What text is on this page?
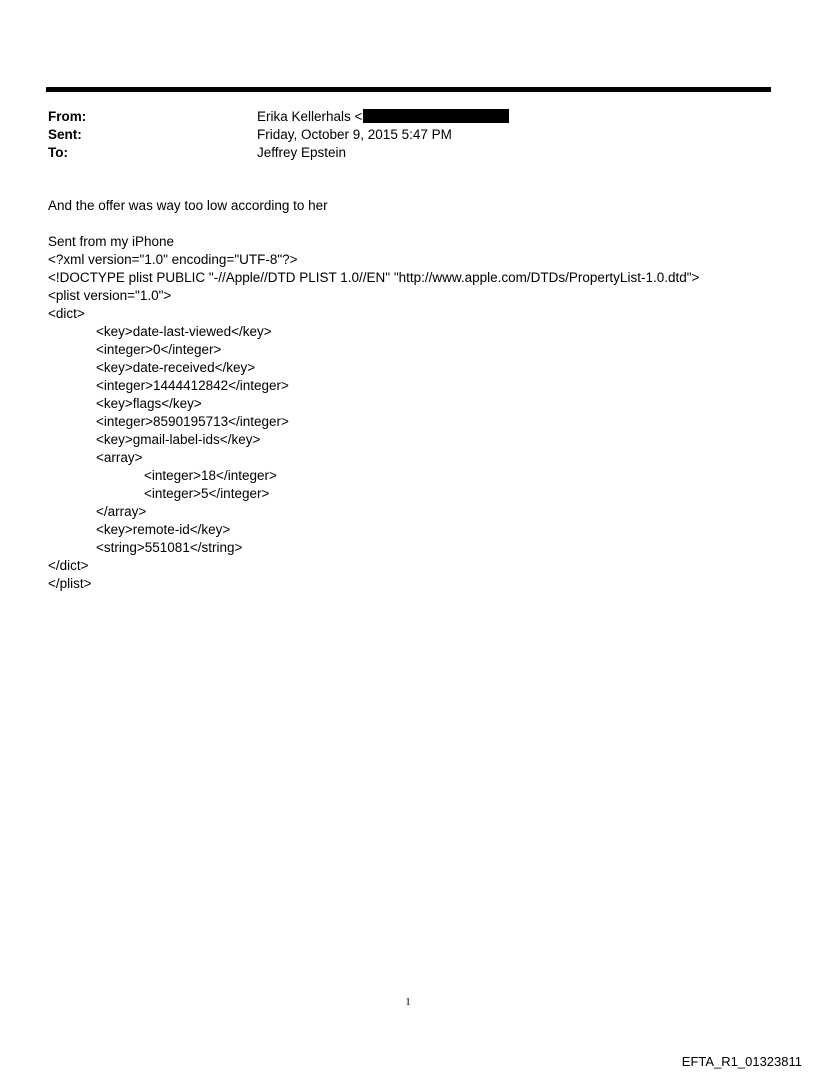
From:	Erika Kellerhals <
Sent:	Friday, October 9, 2015 5:47 PM
To:	Jeffrey Epstein
And the offer was way too low according to her
Sent from my iPhone
<?xml version="1.0" encoding="UTF-8"?>
<!DOCTYPE plist PUBLIC "-//Apple//DTD PLIST 1.0//EN" "http://www.apple.com/DTDs/PropertyList-1.0.dtd">
<plist version="1.0">
<dict>
<key>date-last-viewed</key>
<integer>0</integer>
<key>date-received</key>
<integer>1444412842</integer>
<key>flags</key>
<integer>8590195713</integer>
<key>gmail-label-ids</key>
<array>
<integer>18</integer>
<integer>5</integer>
</array>
<key>remote-id</key>
<string>551081</string>
</dict>
</plist>
1
EFTA_R1_01323811
